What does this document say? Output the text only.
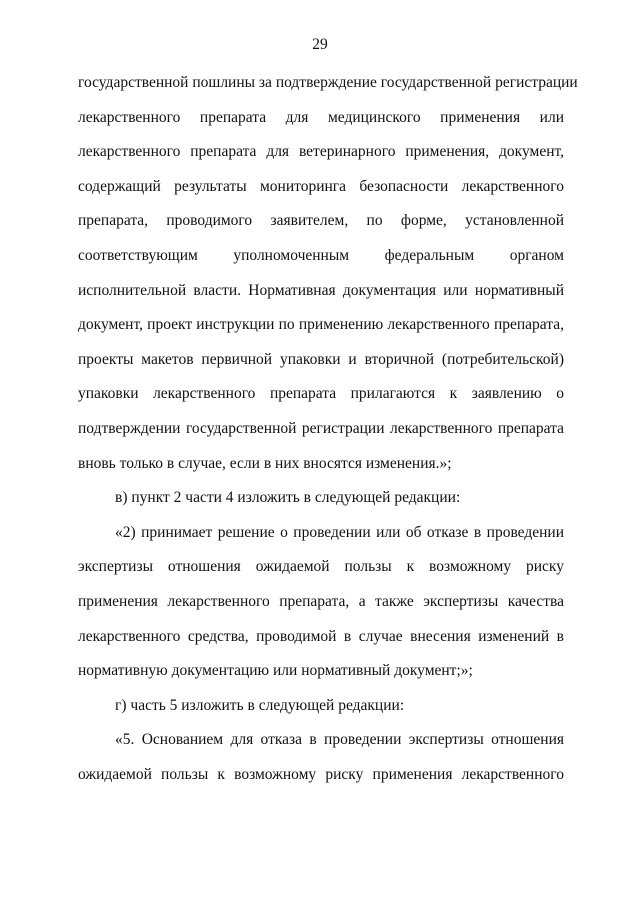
29
государственной пошлины за подтверждение государственной регистрации
лекарственного препарата для медицинского применения или
лекарственного препарата для ветеринарного применения, документ,
содержащий результаты мониторинга безопасности лекарственного
препарата, проводимого заявителем, по форме, установленной
соответствующим уполномоченным федеральным органом
исполнительной власти. Нормативная документация или нормативный
документ, проект инструкции по применению лекарственного препарата,
проекты макетов первичной упаковки и вторичной (потребительской)
упаковки лекарственного препарата прилагаются к заявлению о
подтверждении государственной регистрации лекарственного препарата
вновь только в случае, если в них вносятся изменения.»;
в) пункт 2 части 4 изложить в следующей редакции:
«2) принимает решение о проведении или об отказе в проведении
экспертизы отношения ожидаемой пользы к возможному риску
применения лекарственного препарата, а также экспертизы качества
лекарственного средства, проводимой в случае внесения изменений в
нормативную документацию или нормативный документ;»;
г) часть 5 изложить в следующей редакции:
«5. Основанием для отказа в проведении экспертизы отношения
ожидаемой пользы к возможному риску применения лекарственного
